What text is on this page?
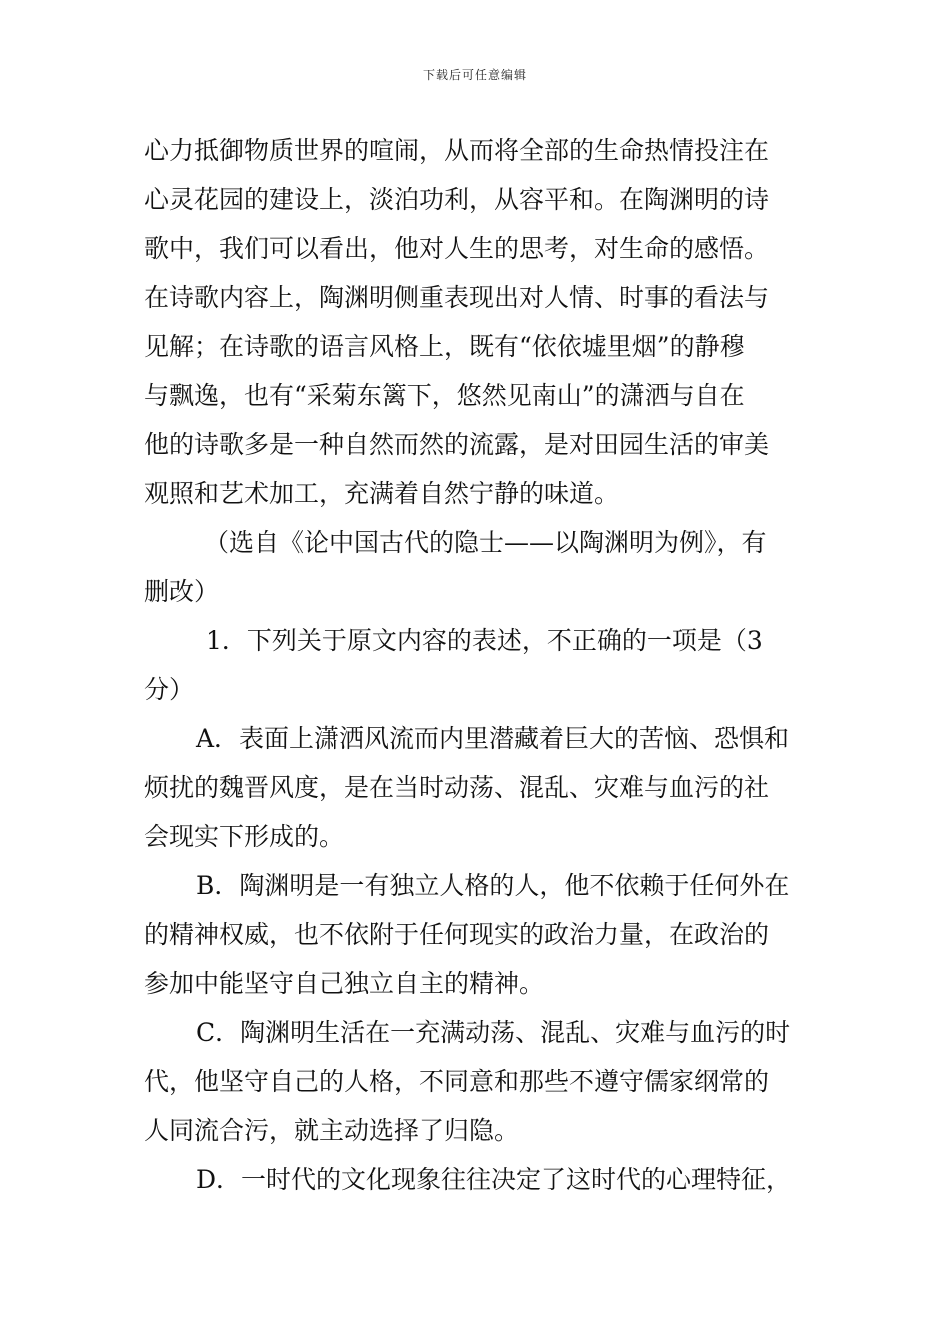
下载后可任意编辑
心力抵御物质世界的喧闹，从而将全部的生命热情投注在
心灵花园的建设上，淡泊功利，从容平和。在陶渊明的诗
歌中，我们可以看出，他对人生的思考，对生命的感悟。
在诗歌内容上，陶渊明侧重表现出对人情、时事的看法与
见解；在诗歌的语言风格上，既有“依依墟里烟”的静穆
与飘逸，也有“采菊东篱下，悠然见南山”的潇洒与自在
他的诗歌多是一种自然而然的流露，是对田园生活的审美
观照和艺术加工，充满着自然宁静的味道。
（选自《论中国古代的隐士——以陶渊明为例》，有
删改）
1．下列关于原文内容的表述，不正确的一项是（3
分）
A．表面上潇洒风流而内里潜藏着巨大的苦恼、恐惧和
烦扰的魏晋风度，是在当时动荡、混乱、灾难与血污的社
会现实下形成的。
B．陶渊明是一有独立人格的人，他不依赖于任何外在
的精神权威，也不依附于任何现实的政治力量，在政治的
参加中能坚守自己独立自主的精神。
C．陶渊明生活在一充满动荡、混乱、灾难与血污的时
代，他坚守自己的人格，不同意和那些不遵守儒家纲常的
人同流合污，就主动选择了归隐。
D．一时代的文化现象往往决定了这时代的心理特征，
